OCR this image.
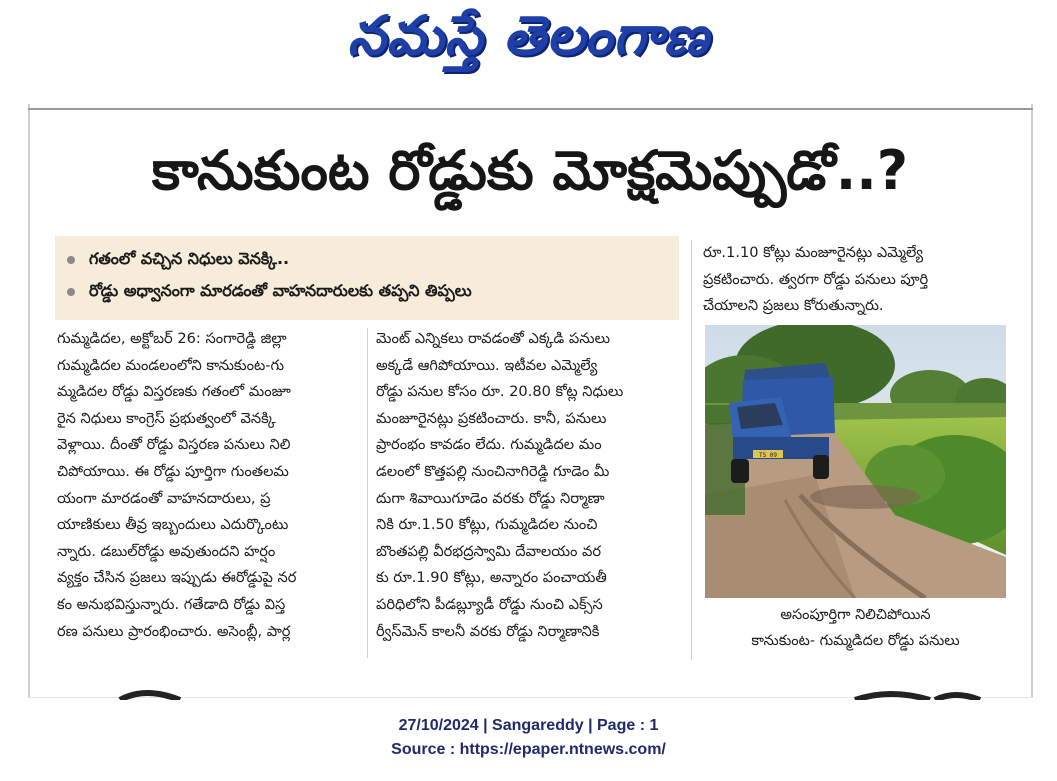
నమస్తే తెలంగాణ
కానుకుంట రోడ్డుకు మోక్షమెప్పుడో..?
గతంలో వచ్చిన నిధులు వెనక్కి..
రోడ్డు అధ్వానంగా మారడంతో వాహనదారులకు తప్పని తిప్పలు
గుమ్మడిదల, అక్టోబర్ 26: సంగారెడ్డి జిల్లా
గుమ్మడిదల మండలంలోని కానుకుంట-గు
మ్మడిదల రోడ్డు విస్తరణకు గతంలో మంజూ
రైన నిధులు కాంగ్రెస్ ప్రభుత్వంలో వెనక్కి
వెళ్లాయి. దీంతో రోడ్డు విస్తరణ పనులు నిలి
చిపోయాయి. ఈ రోడ్డు పూర్తిగా గుంతలమ
యంగా మారడంతో వాహనదారులు, ప్ర
యాణికులు తీవ్ర ఇబ్బందులు ఎదుర్కొంటు
న్నారు. డబుల్‌రోడ్డు అవుతుందని హర్షం
వ్యక్తం చేసిన ప్రజలు ఇప్పుడు ఈరోడ్డుపై నర
కం అనుభవిస్తున్నారు. గతేడాది రోడ్డు విస్త
రణ పనులు ప్రారంభించారు. అసెంబ్లీ, పార్ల
మెంట్ ఎన్నికలు రావడంతో ఎక్కడి పనులు
అక్కడే ఆగిపోయాయి. ఇటీవల ఎమ్మెల్యే
రోడ్డు పనుల కోసం రూ. 20.80 కోట్ల నిధులు
మంజూరైనట్లు ప్రకటించారు. కానీ, పనులు
ప్రారంభం కావడం లేదు. గుమ్మడిదల మం
డలంలో కొత్తపల్లి నుంచినాగిరెడ్డి గూడెం మీ
దుగా శివాయిగూడెం వరకు రోడ్డు నిర్మాణా
నికి రూ.1.50 కోట్లు, గుమ్మడిదల నుంచి
బొంతపల్లి వీరభద్రస్వామి దేవాలయం వర
కు రూ.1.90 కోట్లు, అన్నారం పంచాయతీ
పరిధిలోని పీడబ్ల్యూడీ రోడ్డు నుంచి ఎక్స్‌స
ర్వీస్‌మెన్ కాలనీ వరకు రోడ్డు నిర్మాణానికి
రూ.1.10 కోట్లు మంజూరైనట్లు ఎమ్మెల్యే
ప్రకటించారు. త్వరగా రోడ్డు పనులు పూర్తి
చేయాలని ప్రజలు కోరుతున్నారు.
TS 09
అసంపూర్తిగా నిలిచిపోయిన
కానుకుంట- గుమ్మడిదల రోడ్డు పనులు
27/10/2024 | Sangareddy | Page : 1
Source : https://epaper.ntnews.com/
